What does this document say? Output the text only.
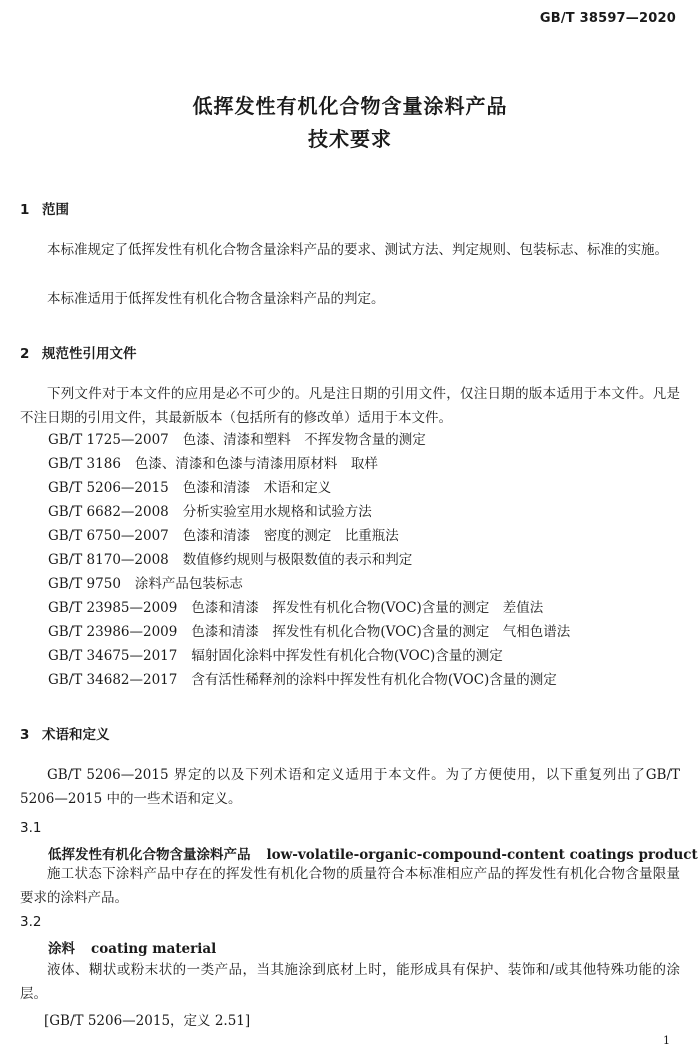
GB/T 38597—2020
低挥发性有机化合物含量涂料产品
技术要求
1 范围
本标准规定了低挥发性有机化合物含量涂料产品的要求、测试方法、判定规则、包装标志、标准的实施。
本标准适用于低挥发性有机化合物含量涂料产品的判定。
2 规范性引用文件
下列文件对于本文件的应用是必不可少的。凡是注日期的引用文件，仅注日期的版本适用于本文件。凡是不注日期的引用文件，其最新版本（包括所有的修改单）适用于本文件。
GB/T 1725—2007 色漆、清漆和塑料　不挥发物含量的测定
GB/T 3186 色漆、清漆和色漆与清漆用原材料　取样
GB/T 5206—2015 色漆和清漆　术语和定义
GB/T 6682—2008 分析实验室用水规格和试验方法
GB/T 6750—2007 色漆和清漆　密度的测定　比重瓶法
GB/T 8170—2008 数值修约规则与极限数值的表示和判定
GB/T 9750 涂料产品包装标志
GB/T 23985—2009 色漆和清漆　挥发性有机化合物(VOC)含量的测定　差值法
GB/T 23986—2009 色漆和清漆　挥发性有机化合物(VOC)含量的测定　气相色谱法
GB/T 34675—2017 辐射固化涂料中挥发性有机化合物(VOC)含量的测定
GB/T 34682—2017 含有活性稀释剂的涂料中挥发性有机化合物(VOC)含量的测定
3 术语和定义
GB/T 5206—2015 界定的以及下列术语和定义适用于本文件。为了方便使用，以下重复列出了GB/T 5206—2015 中的一些术语和定义。
3.1
低挥发性有机化合物含量涂料产品 low-volatile-organic-compound-content coatings product
施工状态下涂料产品中存在的挥发性有机化合物的质量符合本标准相应产品的挥发性有机化合物含量限量要求的涂料产品。
3.2
涂料 coating material
液体、糊状或粉末状的一类产品，当其施涂到底材上时，能形成具有保护、装饰和/或其他特殊功能的涂层。
[GB/T 5206—2015，定义 2.51]
1
